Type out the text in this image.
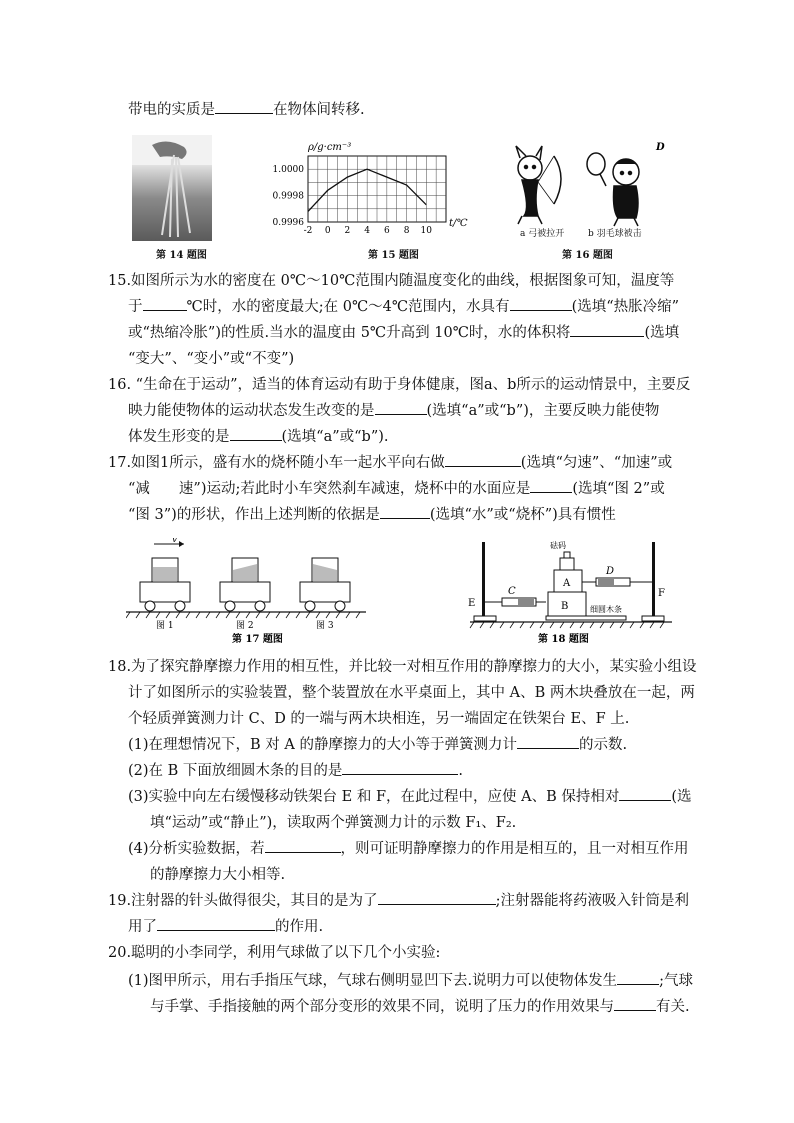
带电的实质是	在物体间转移.
第 14 题图
ρ/g·cm⁻³
t/℃
1.0000
0.9998
0.9996
-2 0 2 4 6 8 10
第 15 题图
D
a 弓被拉开	b 羽毛球被击
第 16 题图
15.如图所示为水的密度在 0℃～10℃范围内随温度变化的曲线，根据图象可知，温度等
于	℃时，水的密度最大;在 0℃～4℃范围内，水具有	(选填“热胀冷缩”
或“热缩冷胀”)的性质.当水的温度由 5℃升高到 10℃时，水的体积将	(选填
“变大”、“变小”或“不变”)
16. “生命在于运动”，适当的体育运动有助于身体健康，图a、b所示的运动情景中，主要反
映力能使物体的运动状态发生改变的是	(选填“a”或“b”)，主要反映力能使物
体发生形变的是	(选填“a”或“b”).
17.如图1所示，盛有水的烧杯随小车一起水平向右做	(选填“匀速”、“加速”或
“减　　速”)运动;若此时小车突然刹车减速，烧杯中的水面应是	(选填“图 2”或
“图 3”)的形状，作出上述判断的依据是	(选填“水”或“烧杯”)具有惯性
v
图 1	图 2	图 3
第 17 题图
砝码
A
B
C
D
E
F
细圆木条
第 18 题图
18.为了探究静摩擦力作用的相互性，并比较一对相互作用的静摩擦力的大小，某实验小组设
计了如图所示的实验装置，整个装置放在水平桌面上，其中 A、B 两木块叠放在一起，两
个轻质弹簧测力计 C、D 的一端与两木块相连，另一端固定在铁架台 E、F 上.
(1)在理想情况下，B 对 A 的静摩擦力的大小等于弹簧测力计	的示数.
(2)在 B 下面放细圆木条的目的是	.
(3)实验中向左右缓慢移动铁架台 E 和 F，在此过程中，应使 A、B 保持相对	(选
填“运动”或“静止”)，读取两个弹簧测力计的示数 F₁、F₂.
(4)分析实验数据，若	，则可证明静摩擦力的作用是相互的，且一对相互作用
的静摩擦力大小相等.
19.注射器的针头做得很尖，其目的是为了	;注射器能将药液吸入针筒是利
用了	的作用.
20.聪明的小李同学，利用气球做了以下几个小实验:
(1)图甲所示，用右手指压气球，气球右侧明显凹下去.说明力可以使物体发生	;气球
与手掌、手指接触的两个部分变形的效果不同，说明了压力的作用效果与	有关.
